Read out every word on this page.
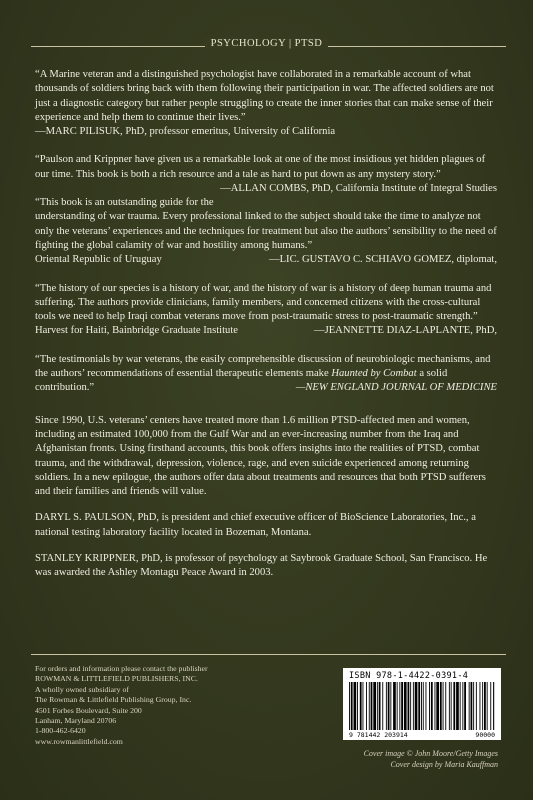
PSYCHOLOGY | PTSD

“A Marine veteran and a distinguished psychologist have collaborated in a remarkable account of what thousands of soldiers bring back with them following their participation in war. The affected soldiers are not just a diagnostic category but rather people struggling to create the inner stories that can make sense of their experience and help them to continue their lives.”

—MARC PILISUK, PhD, professor emeritus, University of California

“Paulson and Krippner have given us a remarkable look at one of the most insidious yet hidden plagues of our time. This book is both a rich resource and a tale as hard to put down as any mystery story.”
—ALLAN COMBS, PhD, California Institute of Integral Studies

“This book is an outstanding guide for the understanding of war trauma. Every professional linked to the subject should take the time to analyze not only the veterans’ experiences and the techniques for treatment but also the authors’ sensibility to the need of fighting the global calamity of war and hostility among humans.”
—LIC. GUSTAVO C. SCHIAVO GOMEZ, diplomat,

Oriental Republic of Uruguay

“The history of our species is a history of war, and the history of war is a history of deep human trauma and suffering. The authors provide clinicians, family members, and concerned citizens with the cross-cultural tools we need to help Iraqi combat veterans move from post-traumatic stress to post-traumatic strength.”
—JEANNETTE DIAZ-LAPLANTE, PhD,

Harvest for Haiti, Bainbridge Graduate Institute

“The testimonials by war veterans, the easily comprehensible discussion of neurobiologic mechanisms, and the authors’ recommendations of essential therapeutic elements make Haunted by Combat a solid contribution.”	—NEW ENGLAND JOURNAL OF MEDICINE

Since 1990, U.S. veterans’ centers have treated more than 1.6 million PTSD-affected men and women, including an estimated 100,000 from the Gulf War and an ever-increasing number from the Iraq and Afghanistan fronts. Using firsthand accounts, this book offers insights into the realities of PTSD, combat trauma, and the withdrawal, depression, violence, rage, and even suicide experienced among returning soldiers. In a new epilogue, the authors offer data about treatments and resources that both PTSD sufferers and their families and friends will value.

DARYL S. PAULSON, PhD, is president and chief executive officer of BioScience Laboratories, Inc., a national testing laboratory facility located in Bozeman, Montana.

STANLEY KRIPPNER, PhD, is professor of psychology at Saybrook Graduate School, San Francisco. He was awarded the Ashley Montagu Peace Award in 2003.

For orders and information please contact the publisher
ROWMAN & LITTLEFIELD PUBLISHERS, INC.
A wholly owned subsidiary of
The Rowman & Littlefield Publishing Group, Inc.
4501 Forbes Boulevard, Suite 200
Lanham, Maryland 20706
1-800-462-6420
www.rowmanlittlefield.com
ISBN 978-1-4422-0391-4
9 781442 203914	90000
Cover image © John Moore/Getty Images
Cover design by Maria Kauffman
